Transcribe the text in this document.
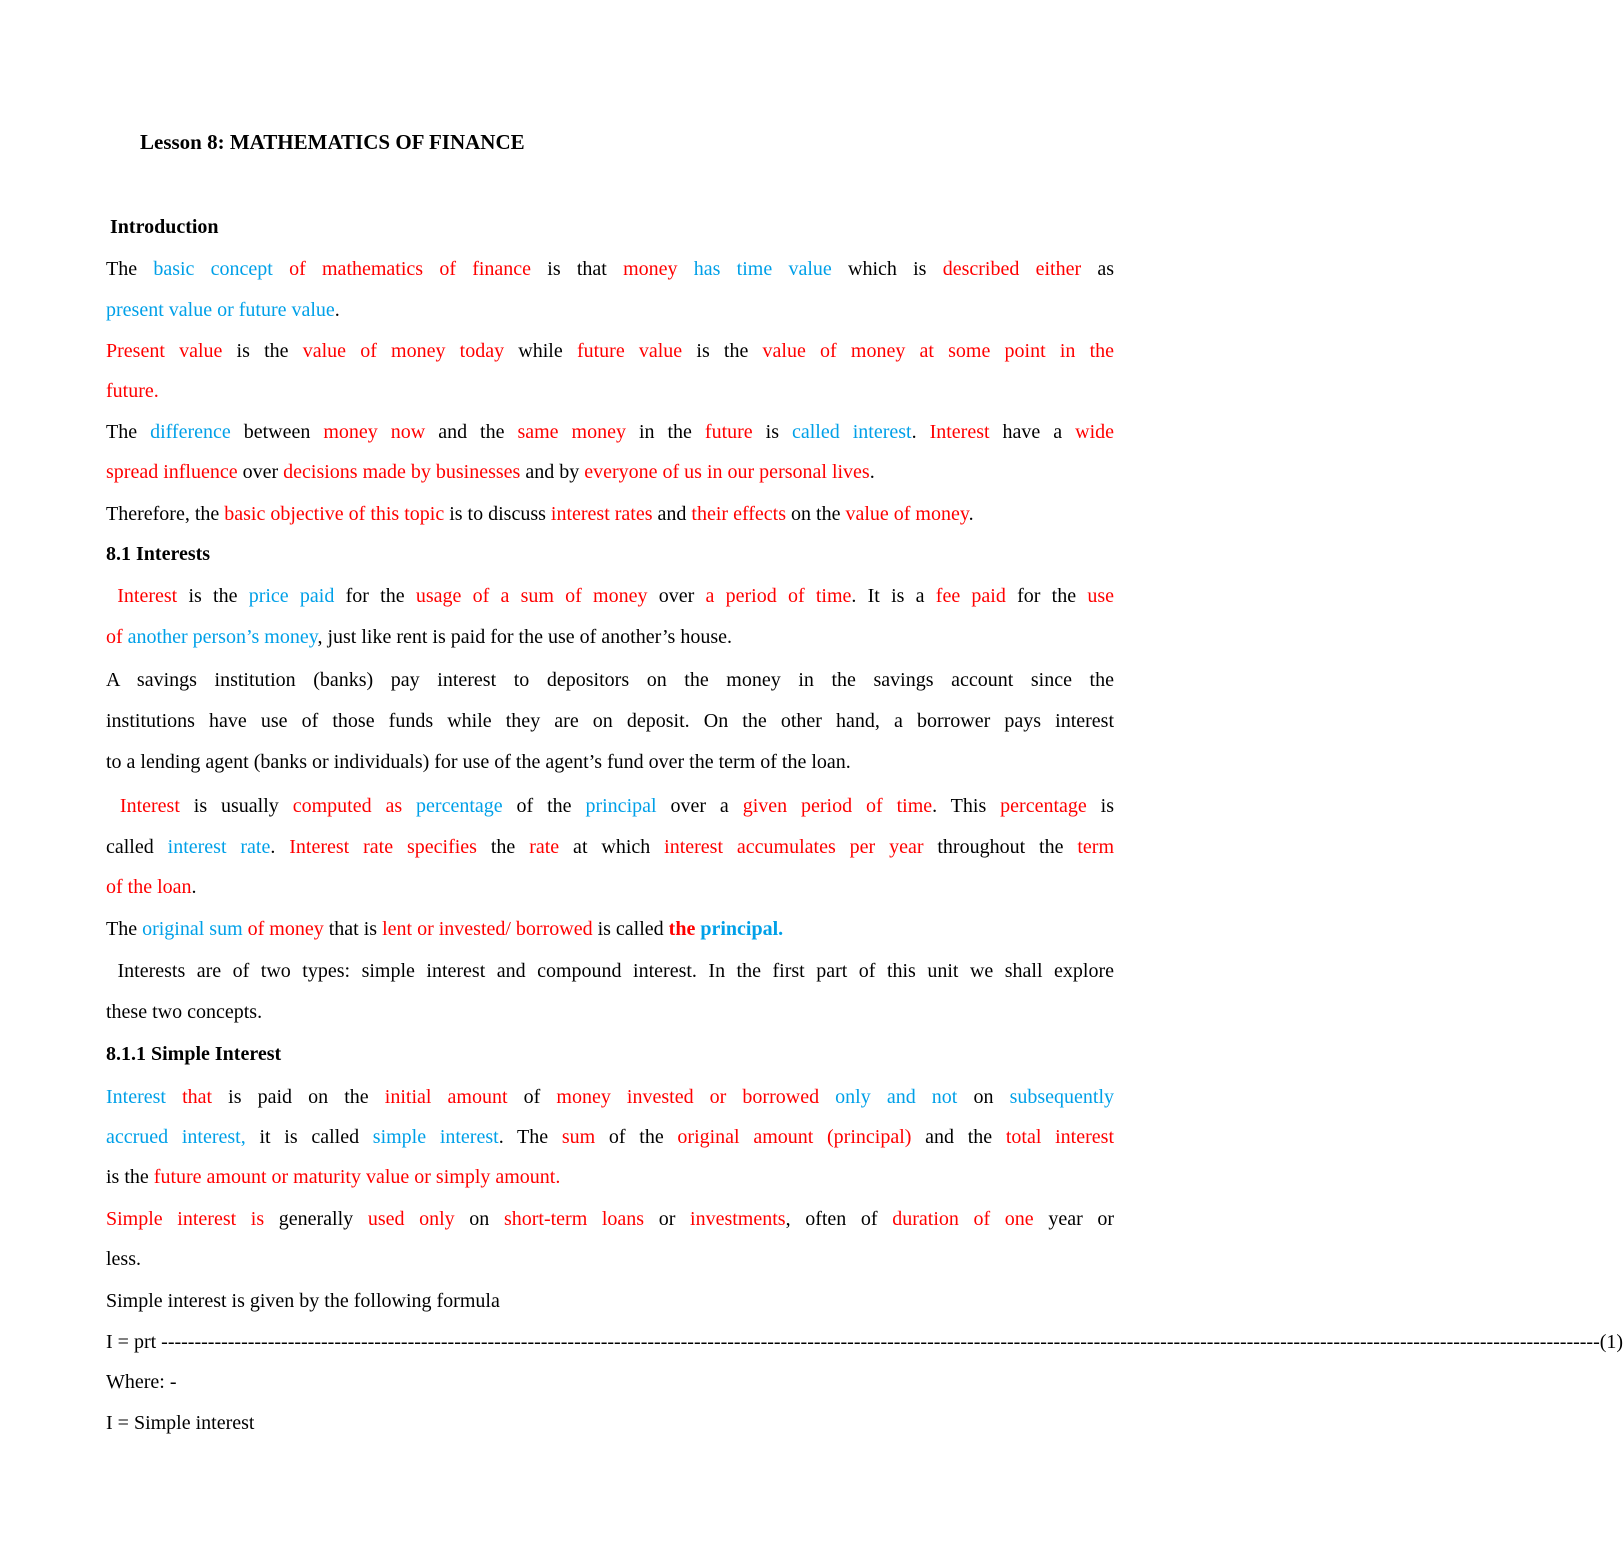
Lesson 8: MATHEMATICS OF FINANCE
Introduction
The basic concept of mathematics of finance is that money has time value which is described either as
present value or future value.
Present value is the value of money today while future value is the value of money at some point in the
future.
The difference between money now and the same money in the future is called interest. Interest have a wide
spread influence over decisions made by businesses and by everyone of us in our personal lives.
Therefore, the basic objective of this topic is to discuss interest rates and their effects on the value of money.
8.1 Interests
Interest is the price paid for the usage of a sum of money over a period of time. It is a fee paid for the use
of another person’s money, just like rent is paid for the use of another’s house.
A savings institution (banks) pay interest to depositors on the money in the savings account since the
institutions have use of those funds while they are on deposit. On the other hand, a borrower pays interest
to a lending agent (banks or individuals) for use of the agent’s fund over the term of the loan.
Interest is usually computed as percentage of the principal over a given period of time. This percentage is
called interest rate. Interest rate specifies the rate at which interest accumulates per year throughout the term
of the loan.
The original sum of money that is lent or invested/ borrowed is called the principal.
Interests are of two types: simple interest and compound interest. In the first part of this unit we shall explore
these two concepts.
8.1.1 Simple Interest
Interest that is paid on the initial amount of money invested or borrowed only and not on subsequently
accrued interest, it is called simple interest. The sum of the original amount (principal) and the total interest
is the future amount or maturity value or simply amount.
Simple interest is generally used only on short-term loans or investments, often of duration of one year or
less.
Simple interest is given by the following formula
I = prt ------------------------------------------------------------------------------------------------------------------------------------------------------------------------------------------------------------------------ (1)
Where: -
I = Simple interest
